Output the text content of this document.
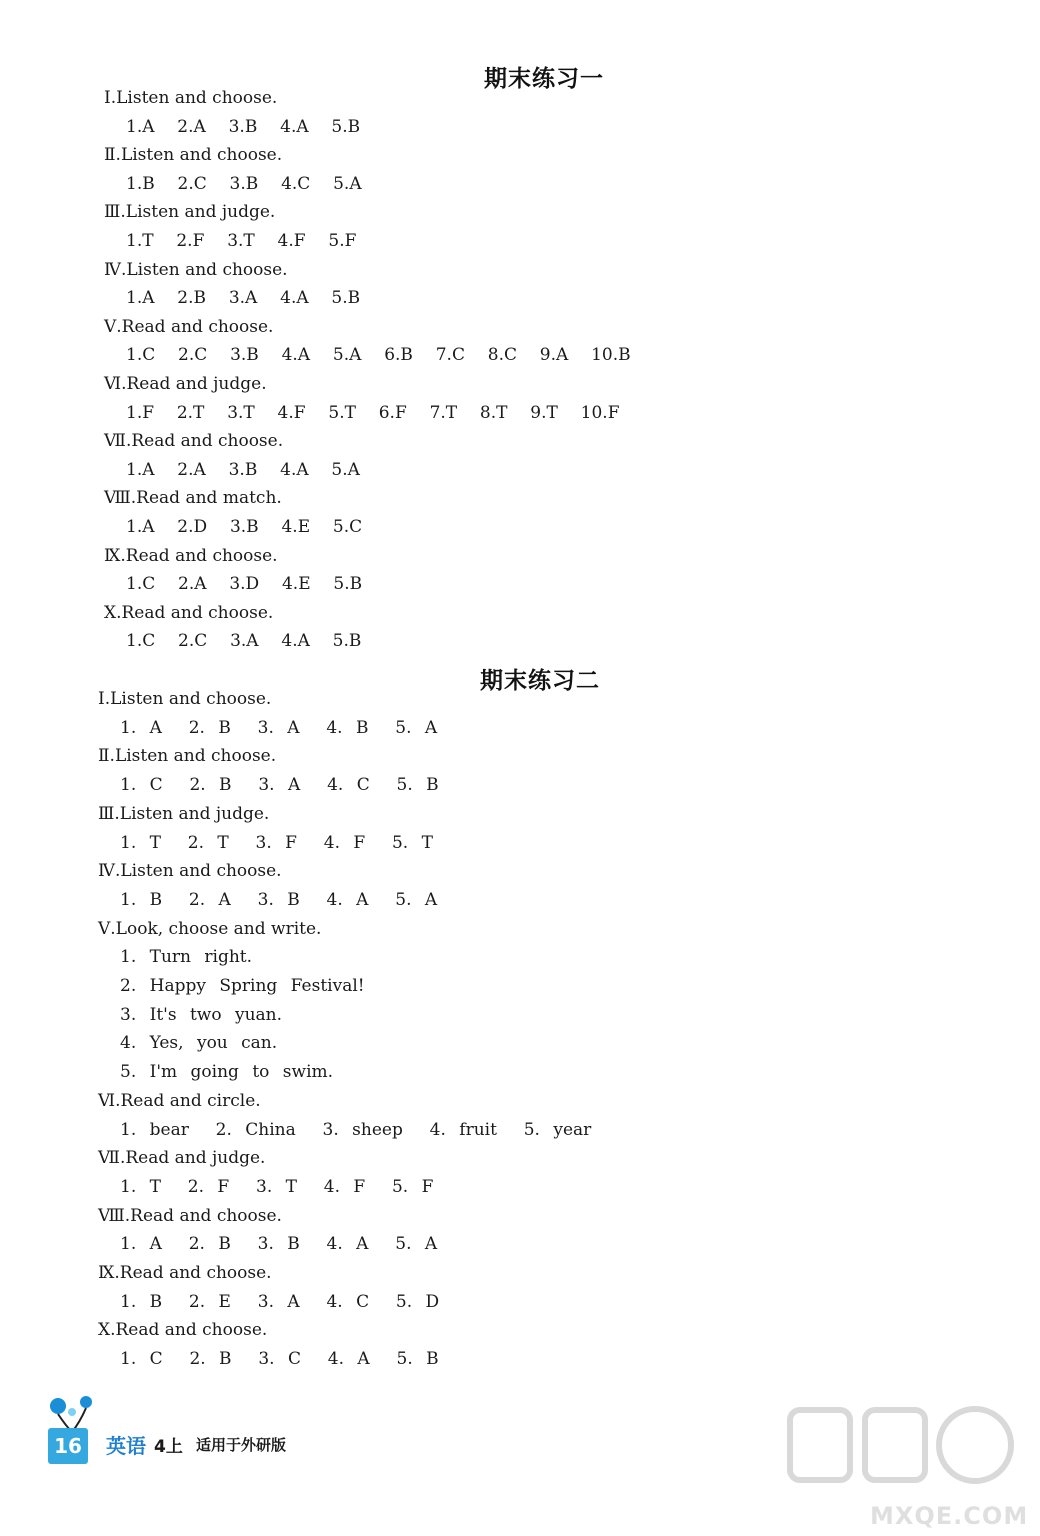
期末练习一
Ⅰ.Listen and choose.
1.A  2.A  3.B  4.A  5.B
Ⅱ.Listen and choose.
1.B  2.C  3.B  4.C  5.A
Ⅲ.Listen and judge.
1.T  2.F  3.T  4.F  5.F
Ⅳ.Listen and choose.
1.A  2.B  3.A  4.A  5.B
Ⅴ.Read and choose.
1.C  2.C  3.B  4.A  5.A  6.B  7.C  8.C  9.A  10.B
Ⅵ.Read and judge.
1.F  2.T  3.T  4.F  5.T  6.F  7.T  8.T  9.T  10.F
Ⅶ.Read and choose.
1.A  2.A  3.B  4.A  5.A
Ⅷ.Read and match.
1.A  2.D  3.B  4.E  5.C
Ⅸ.Read and choose.
1.C  2.A  3.D  4.E  5.B
Ⅹ.Read and choose.
1.C  2.C  3.A  4.A  5.B
期末练习二
Ⅰ.Listen and choose.
1. A  2. B  3. A  4. B  5. A
Ⅱ.Listen and choose.
1. C  2. B  3. A  4. C  5. B
Ⅲ.Listen and judge.
1. T  2. T  3. F  4. F  5. T
Ⅳ.Listen and choose.
1. B  2. A  3. B  4. A  5. A
Ⅴ.Look, choose and write.
1. Turn right.
2. Happy Spring Festival!
3. It's two yuan.
4. Yes, you can.
5. I'm going to swim.
Ⅵ.Read and circle.
1. bear  2. China  3. sheep  4. fruit  5. year
Ⅶ.Read and judge.
1. T  2. F  3. T  4. F  5. F
Ⅷ.Read and choose.
1. A  2. B  3. B  4. A  5. A
Ⅸ.Read and choose.
1. B  2. E  3. A  4. C  5. D
Ⅹ.Read and choose.
1. C  2. B  3. C  4. A  5. B
16	英语 4上 适用于外研版
MXQE.COM
